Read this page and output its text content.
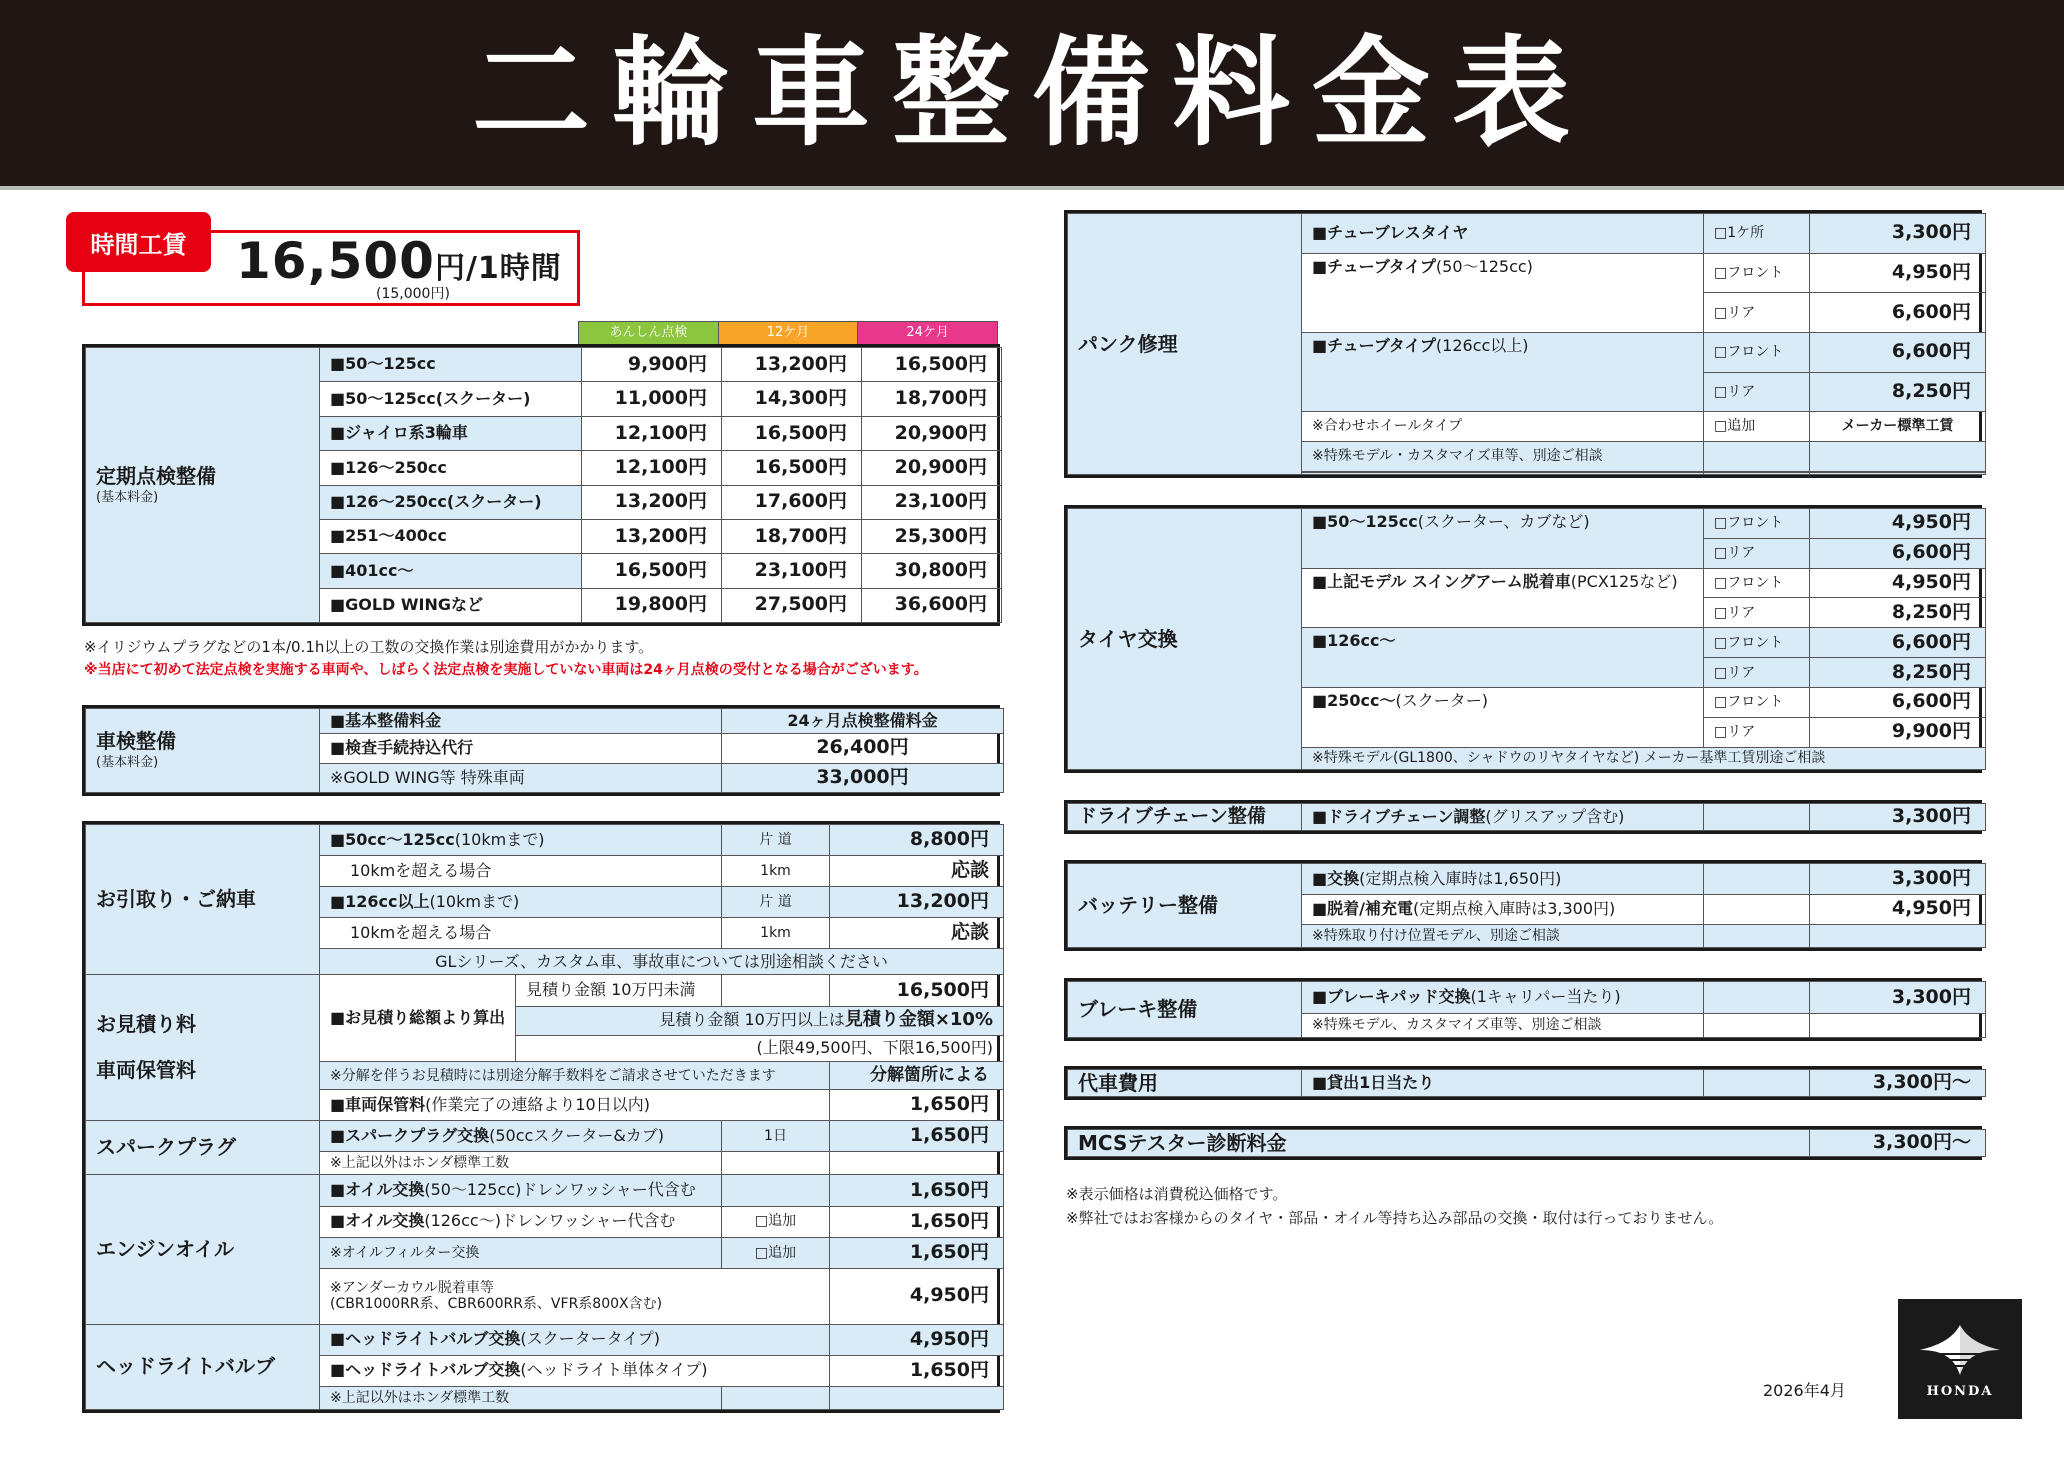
二輪車整備料金表
時間工賃 16,500円/1時間
(15,000円)
あんしん点検	12ケ月	24ケ月
定期点検整備
(基本料金)	■50〜125cc	9,900円	13,200円	16,500円
	■50〜125cc(スクーター)	11,000円	14,300円	18,700円
	■ジャイロ系3輪車	12,100円	16,500円	20,900円
	■126〜250cc	12,100円	16,500円	20,900円
	■126〜250cc(スクーター)	13,200円	17,600円	23,100円
	■251〜400cc	13,200円	18,700円	25,300円
	■401cc〜	16,500円	23,100円	30,800円
	■GOLD WINGなど	19,800円	27,500円	36,600円
※イリジウムプラグなどの1本/0.1h以上の工数の交換作業は別途費用がかかります。
※当店にて初めて法定点検を実施する車両や、しばらく法定点検を実施していない車両は24ヶ月点検の受付となる場合がございます。
車検整備
(基本料金)	■基本整備料金	24ヶ月点検整備料金
	■検査手続持込代行	26,400円
	※GOLD WING等 特殊車両	33,000円
お引取り・ご納車	■50cc〜125cc(10kmまで)		片 道	8,800円
	10kmを超える場合		1km	応談
	■126cc以上(10kmまで)		片 道	13,200円
	10kmを超える場合		1km	応談
	GLシリーズ、カスタム車、事故車については別途相談ください			
お見積り料

車両保管料	■お見積り総額より算出	見積り金額 10万円未満		16,500円
		見積り金額 10万円以上は見積り金額×10%		
		(上限49,500円、下限16,500円)		
	※分解を伴うお見積時には別途分解手数料をご請求させていただきます			分解箇所による
	■車両保管料(作業完了の連絡より10日以内)			1,650円
スパークプラグ	■スパークプラグ交換(50ccスクーター&カブ)		1日	1,650円
	※上記以外はホンダ標準工数			
エンジンオイル	■オイル交換(50〜125cc)ドレンワッシャー代含む			1,650円
	■オイル交換(126cc〜)ドレンワッシャー代含む		□追加	1,650円
	※オイルフィルター交換		□追加	1,650円
	※アンダーカウル脱着車等
(CBR1000RR系、CBR600RR系、VFR系800X含む)			4,950円
ヘッドライトバルブ	■ヘッドライトバルブ交換(スクータータイプ)			4,950円
	■ヘッドライトバルブ交換(ヘッドライト単体タイプ)			1,650円
	※上記以外はホンダ標準工数			
パンク修理	■チューブレスタイヤ	□1ケ所	3,300円
	■チューブタイプ(50〜125cc)	□フロント	4,950円
		□リア	6,600円
	■チューブタイプ(126cc以上)	□フロント	6,600円
		□リア	8,250円
	※合わせホイールタイプ	□追加	メーカー標準工賃
	※特殊モデル・カスタマイズ車等、別途ご相談		

タイヤ交換	■50〜125cc(スクーター、カブなど)	□フロント	4,950円
		□リア	6,600円
	■上記モデル スイングアーム脱着車(PCX125など)	□フロント	4,950円
		□リア	8,250円
	■126cc〜	□フロント	6,600円
		□リア	8,250円
	■250cc〜(スクーター)	□フロント	6,600円
		□リア	9,900円
	※特殊モデル(GL1800、シャドウのリヤタイヤなど) メーカー基準工賃別途ご相談		
ドライブチェーン整備	■ドライブチェーン調整(グリスアップ含む)		3,300円
バッテリー整備	■交換(定期点検入庫時は1,650円)		3,300円
	■脱着/補充電(定期点検入庫時は3,300円)		4,950円
	※特殊取り付け位置モデル、別途ご相談		
ブレーキ整備	■ブレーキパッド交換(1キャリパー当たり)		3,300円
	※特殊モデル、カスタマイズ車等、別途ご相談		
代車費用	■貸出1日当たり		3,300円〜
MCSテスター診断料金	3,300円〜
※表示価格は消費税込価格です。
※弊社ではお客様からのタイヤ・部品・オイル等持ち込み部品の交換・取付は行っておりません。
2026年4月	HONDA
